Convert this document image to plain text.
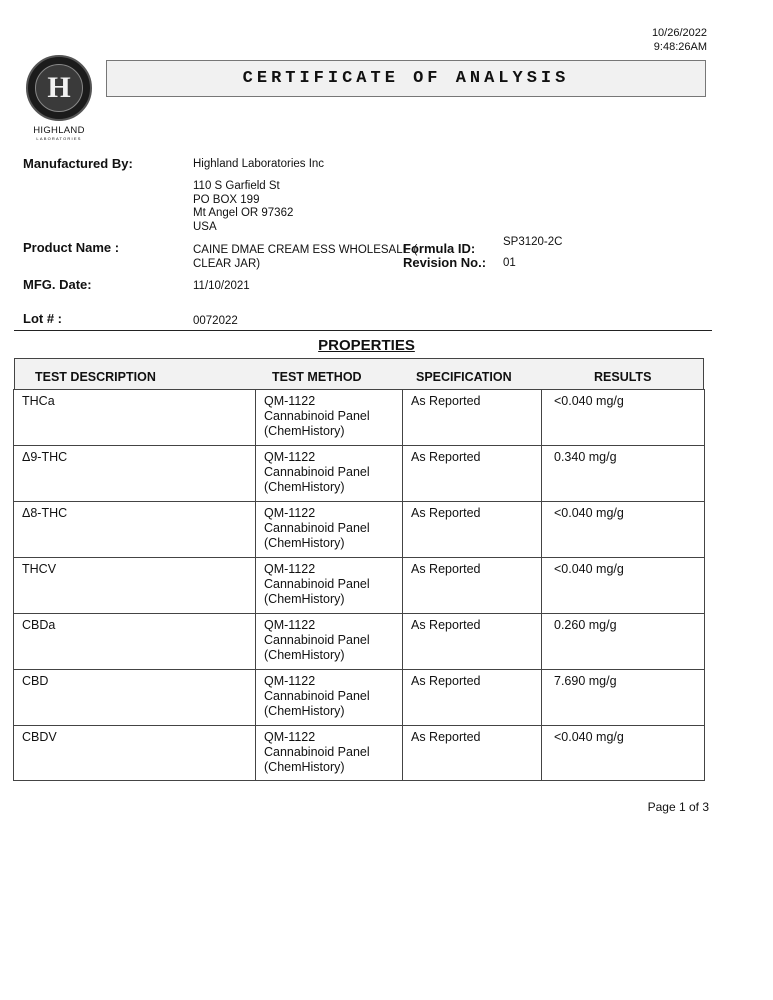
10/26/2022
9:48:26AM
H
HIGHLAND
LABORATORIES
CERTIFICATE OF ANALYSIS
Manufactured By:	Highland Laboratories Inc
110 S Garfield St
PO BOX 199
Mt Angel OR 97362
USA
Product Name :	CAINE DMAE CREAM ESS WHOLESALE (
CLEAR JAR)
Formula ID: SP3120-2C
Revision No.: 01
MFG. Date:	11/10/2021
Lot # :	0072022
PROPERTIES
TEST DESCRIPTION	TEST METHOD	SPECIFICATION	RESULTS
THCa	QM-1122
Cannabinoid Panel
(ChemHistory)
As Reported	<0.040 mg/g
Δ9-THC	QM-1122
Cannabinoid Panel
(ChemHistory)
As Reported	0.340 mg/g
Δ8-THC	QM-1122
Cannabinoid Panel
(ChemHistory)
As Reported	<0.040 mg/g
THCV	QM-1122
Cannabinoid Panel
(ChemHistory)
As Reported	<0.040 mg/g
CBDa	QM-1122
Cannabinoid Panel
(ChemHistory)
As Reported	0.260 mg/g
CBD	QM-1122
Cannabinoid Panel
(ChemHistory)
As Reported	7.690 mg/g
CBDV	QM-1122
Cannabinoid Panel
(ChemHistory)
As Reported	<0.040 mg/g
Page 1 of 3
